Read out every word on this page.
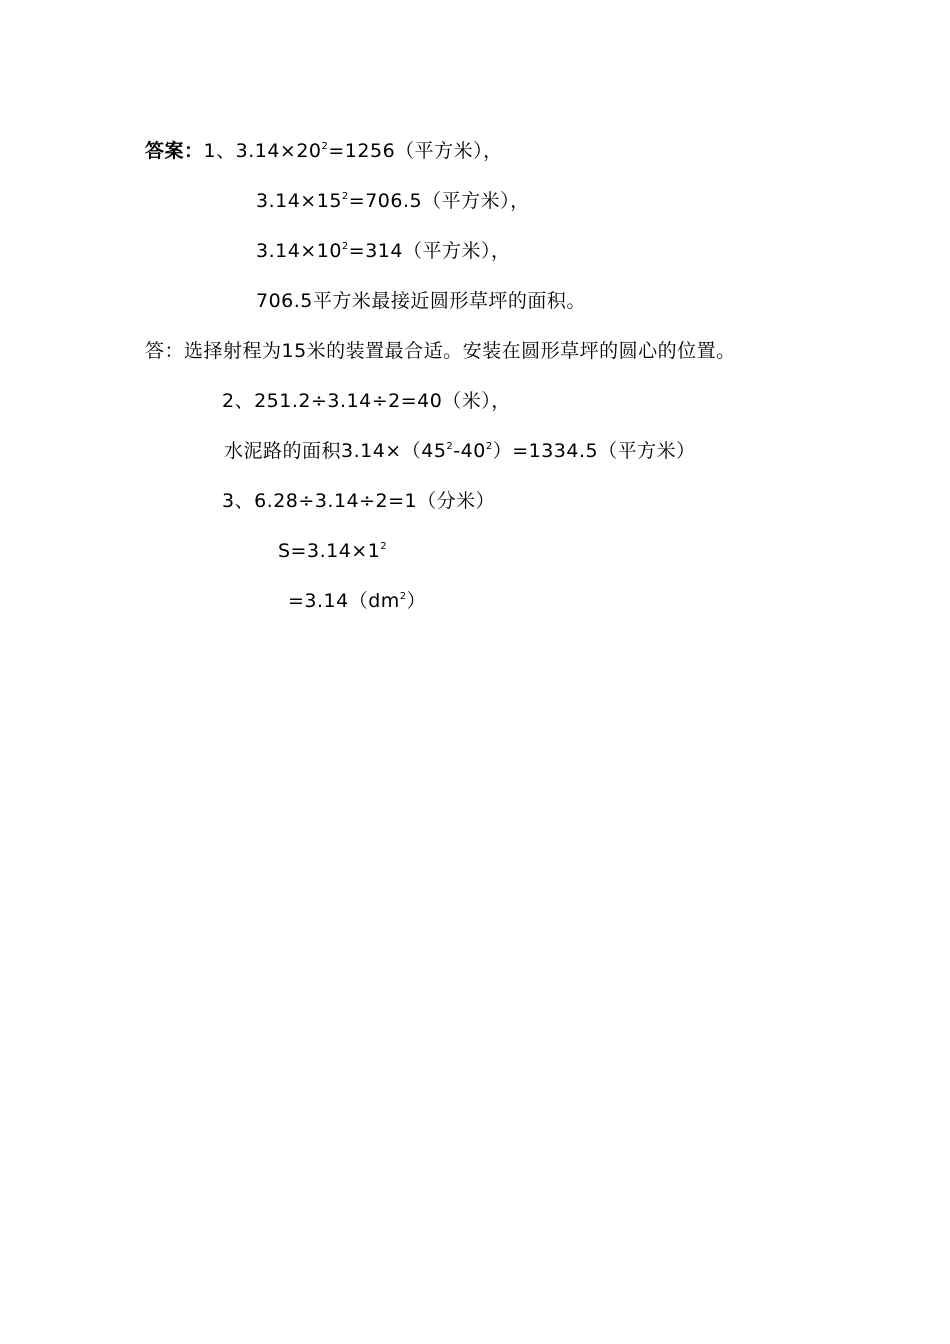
答案：1、$3.14\times 20^2=1256$（平方米），
$3.14\times 15^2=706.5$（平方米），
$3.14\times 10^2=314$（平方米），
706.5平方米最接近圆形草坪的面积。
答：选择射程为15米的装置最合适。安装在圆形草坪的圆心的位置。
2、251.2÷3.14÷2=40（米），
水泥路的面积$3.14\times(45^2-40^2)=1334.5$（平方米）
3、6.28÷3.14÷2=1（分米）
$S=3.14\times 1^2$
$=3.14(dm^2)$
